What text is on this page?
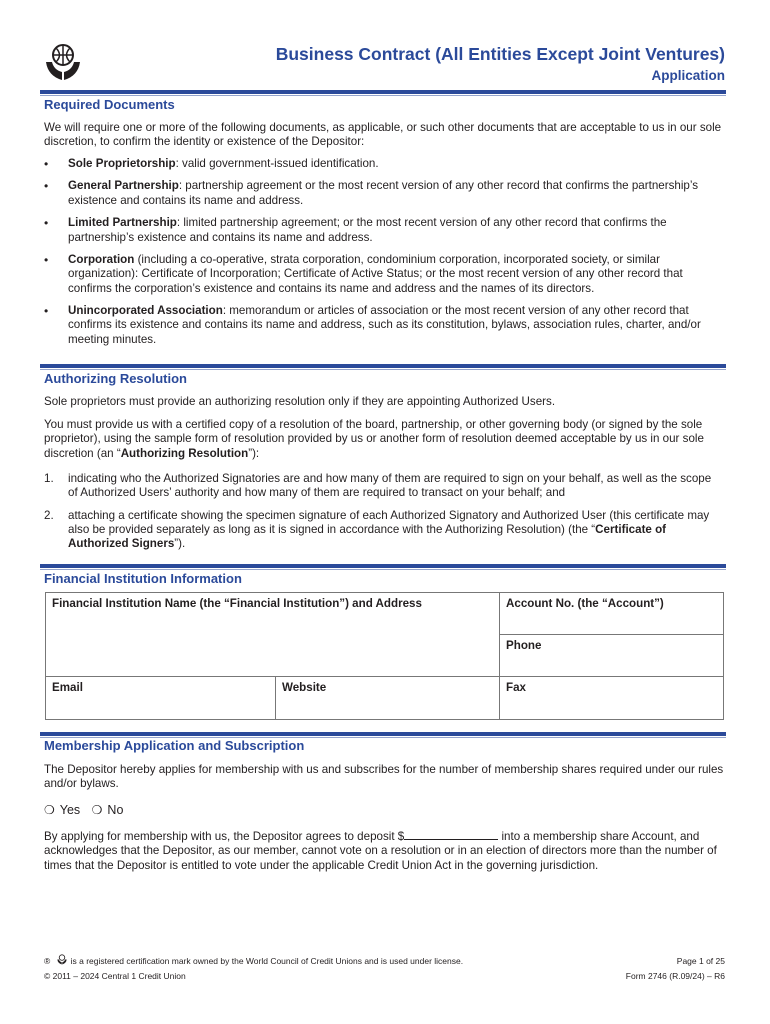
Business Contract (All Entities Except Joint Ventures)
Application
Required Documents
We will require one or more of the following documents, as applicable, or such other documents that are acceptable to us in our sole discretion, to confirm the identity or existence of the Depositor:
• Sole Proprietorship: valid government-issued identification.
• General Partnership: partnership agreement or the most recent version of any other record that confirms the partnership’s existence and contains its name and address.
• Limited Partnership: limited partnership agreement; or the most recent version of any other record that confirms the partnership’s existence and contains its name and address.
• Corporation (including a co-operative, strata corporation, condominium corporation, incorporated society, or similar organization): Certificate of Incorporation; Certificate of Active Status; or the most recent version of any other record that confirms the corporation’s existence and contains its name and address and the names of its directors.
• Unincorporated Association: memorandum or articles of association or the most recent version of any other record that confirms its existence and contains its name and address, such as its constitution, bylaws, association rules, charter, and/or meeting minutes.
Authorizing Resolution
Sole proprietors must provide an authorizing resolution only if they are appointing Authorized Users.
You must provide us with a certified copy of a resolution of the board, partnership, or other governing body (or signed by the sole proprietor), using the sample form of resolution provided by us or another form of resolution deemed acceptable by us in our sole discretion (an “Authorizing Resolution”):
1. indicating who the Authorized Signatories are and how many of them are required to sign on your behalf, as well as the scope of Authorized Users’ authority and how many of them are required to transact on your behalf; and
2. attaching a certificate showing the specimen signature of each Authorized Signatory and Authorized User (this certificate may also be provided separately as long as it is signed in accordance with the Authorizing Resolution) (the “Certificate of Authorized Signers”).
Financial Institution Information
Financial Institution Name (the “Financial Institution”) and Address		Account No. (the “Account”)
		Phone
Email	Website	Fax
Membership Application and Subscription
The Depositor hereby applies for membership with us and subscribes for the number of membership shares required under our rules and/or bylaws.
❍ Yes ❍ No
By applying for membership with us, the Depositor agrees to deposit $	into a membership share Account, and acknowledges that the Depositor, as our member, cannot vote on a resolution or in an election of directors more than the number of times that the Depositor is entitled to vote under the applicable Credit Union Act in the governing jurisdiction.
® is a registered certification mark owned by the World Council of Credit Unions and is used under license.
© 2011 – 2024 Central 1 Credit Union
Page 1 of 25
Form 2746 (R.09/24) – R6
